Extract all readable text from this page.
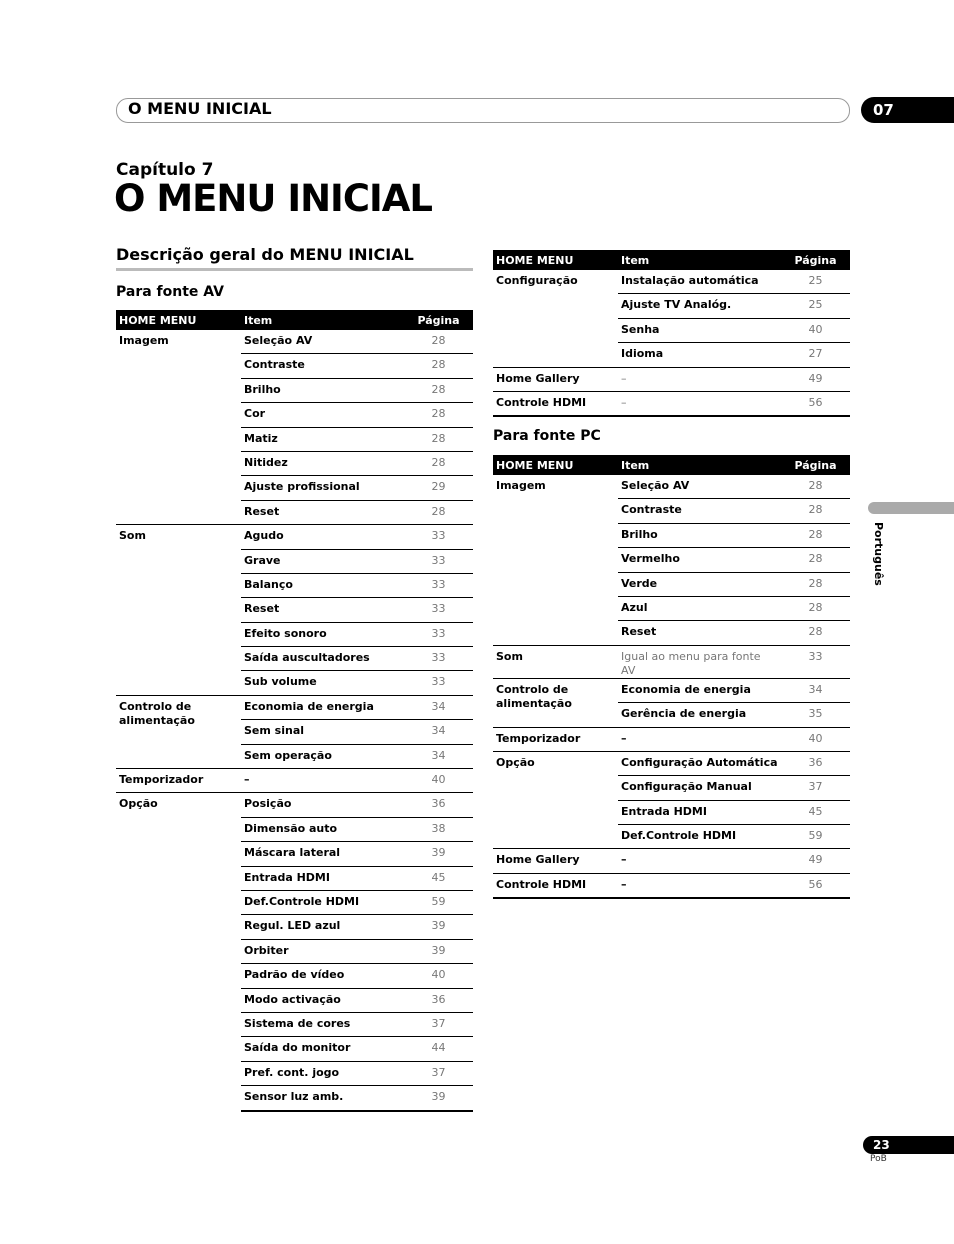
O MENU INICIAL	07
Capítulo 7
O MENU INICIAL
Descrição geral do MENU INICIAL
Para fonte AV
HOME MENU	Item	Página
Imagem	Seleção AV	28
	Contraste	28
	Brilho	28
	Cor	28
	Matiz	28
	Nitidez	28
	Ajuste profissional	29
	Reset	28
Som	Agudo	33
	Grave	33
	Balanço	33
	Reset	33
	Efeito sonoro	33
	Saída auscultadores	33
	Sub volume	33
Controlo de alimentação	Economia de energia	34
	Sem sinal	34
	Sem operação	34
Temporizador	–	40
Opção	Posição	36
	Dimensão auto	38
	Máscara lateral	39
	Entrada HDMI	45
	Def.Controle HDMI	59
	Regul. LED azul	39
	Orbiter	39
	Padrão de vídeo	40
	Modo activação	36
	Sistema de cores	37
	Saída do monitor	44
	Pref. cont. jogo	37
	Sensor luz amb.	39
HOME MENU	Item	Página
Configuração	Instalação automática	25
	Ajuste TV Analóg.	25
	Senha	40
	Idioma	27
Home Gallery	–	49
Controle HDMI	–	56
Para fonte PC
HOME MENU	Item	Página
Imagem	Seleção AV	28
	Contraste	28
	Brilho	28
	Vermelho	28
	Verde	28
	Azul	28
	Reset	28
Som	Igual ao menu para fonte AV	33
Controlo de alimentação	Economia de energia	34
	Gerência de energia	35
Temporizador	–	40
Opção	Configuração Automática	36
	Configuração Manual	37
	Entrada HDMI	45
	Def.Controle HDMI	59
Home Gallery	–	49
Controle HDMI	–	56
Português
23
PoB
